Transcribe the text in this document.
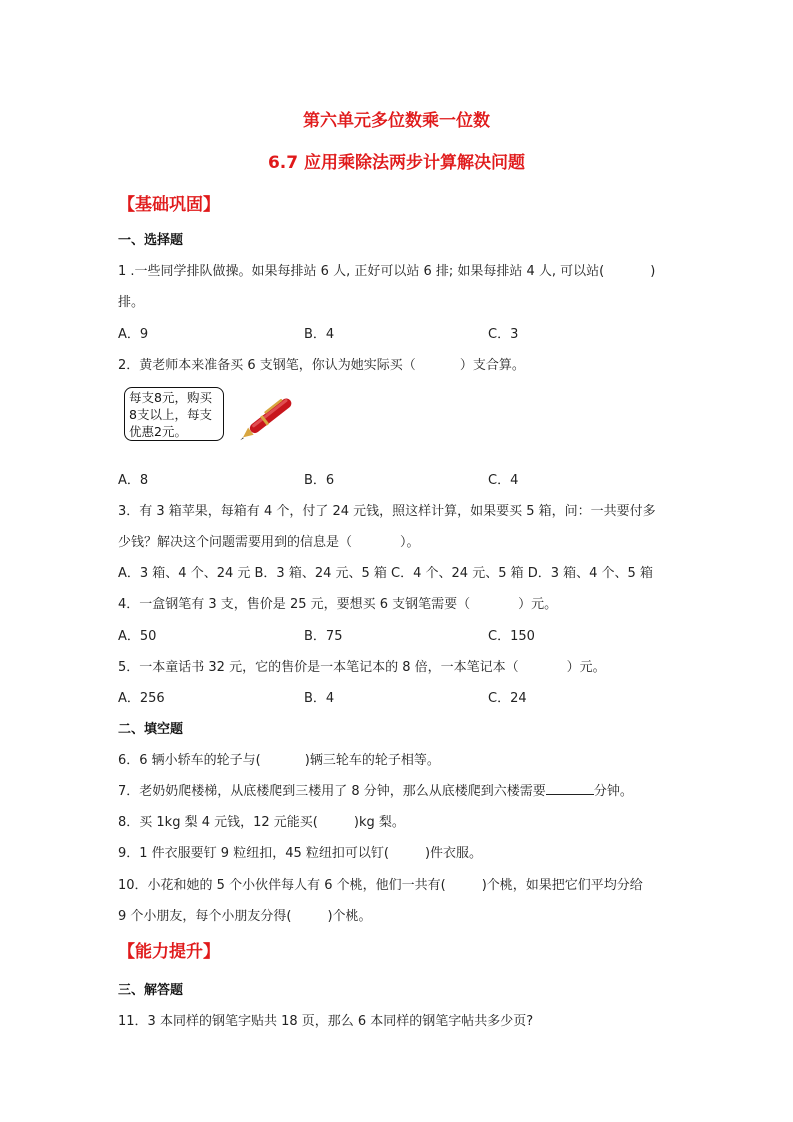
第六单元多位数乘一位数
6.7 应用乘除法两步计算解决问题
【基础巩固】
一、选择题
1 .一些同学排队做操。如果每排站 6 人, 正好可以站 6 排; 如果每排站 4 人, 可以站(	)
排。
A．9	B．4	C．3
2．黄老师本来准备买 6 支钢笔，你认为她实际买（	）支合算。
每支8元，购买
8支以上，每支
优惠2元。
A．8	B．6	C．4
3．有 3 箱苹果，每箱有 4 个，付了 24 元钱，照这样计算，如果要买 5 箱，问：一共要付多
少钱？解决这个问题需要用到的信息是（	）。
A．3 箱、4 个、24 元 B．3 箱、24 元、5 箱 C．4 个、24 元、5 箱 D．3 箱、4 个、5 箱
4．一盒钢笔有 3 支，售价是 25 元，要想买 6 支钢笔需要（	）元。
A．50	B．75	C．150
5．一本童话书 32 元，它的售价是一本笔记本的 8 倍，一本笔记本（	）元。
A．256	B．4	C．24
二、填空题
6．6 辆小轿车的轮子与(	)辆三轮车的轮子相等。
7．老奶奶爬楼梯，从底楼爬到三楼用了 8 分钟，那么从底楼爬到六楼需要	分钟。
8．买 1kg 梨 4 元钱，12 元能买(	)kg 梨。
9．1 件衣服要钉 9 粒纽扣，45 粒纽扣可以钉(	)件衣服。
10．小花和她的 5 个小伙伴每人有 6 个桃，他们一共有(	)个桃，如果把它们平均分给
9 个小朋友，每个小朋友分得(	)个桃。
【能力提升】
三、解答题
11．3 本同样的钢笔字贴共 18 页，那么 6 本同样的钢笔字帖共多少页?
